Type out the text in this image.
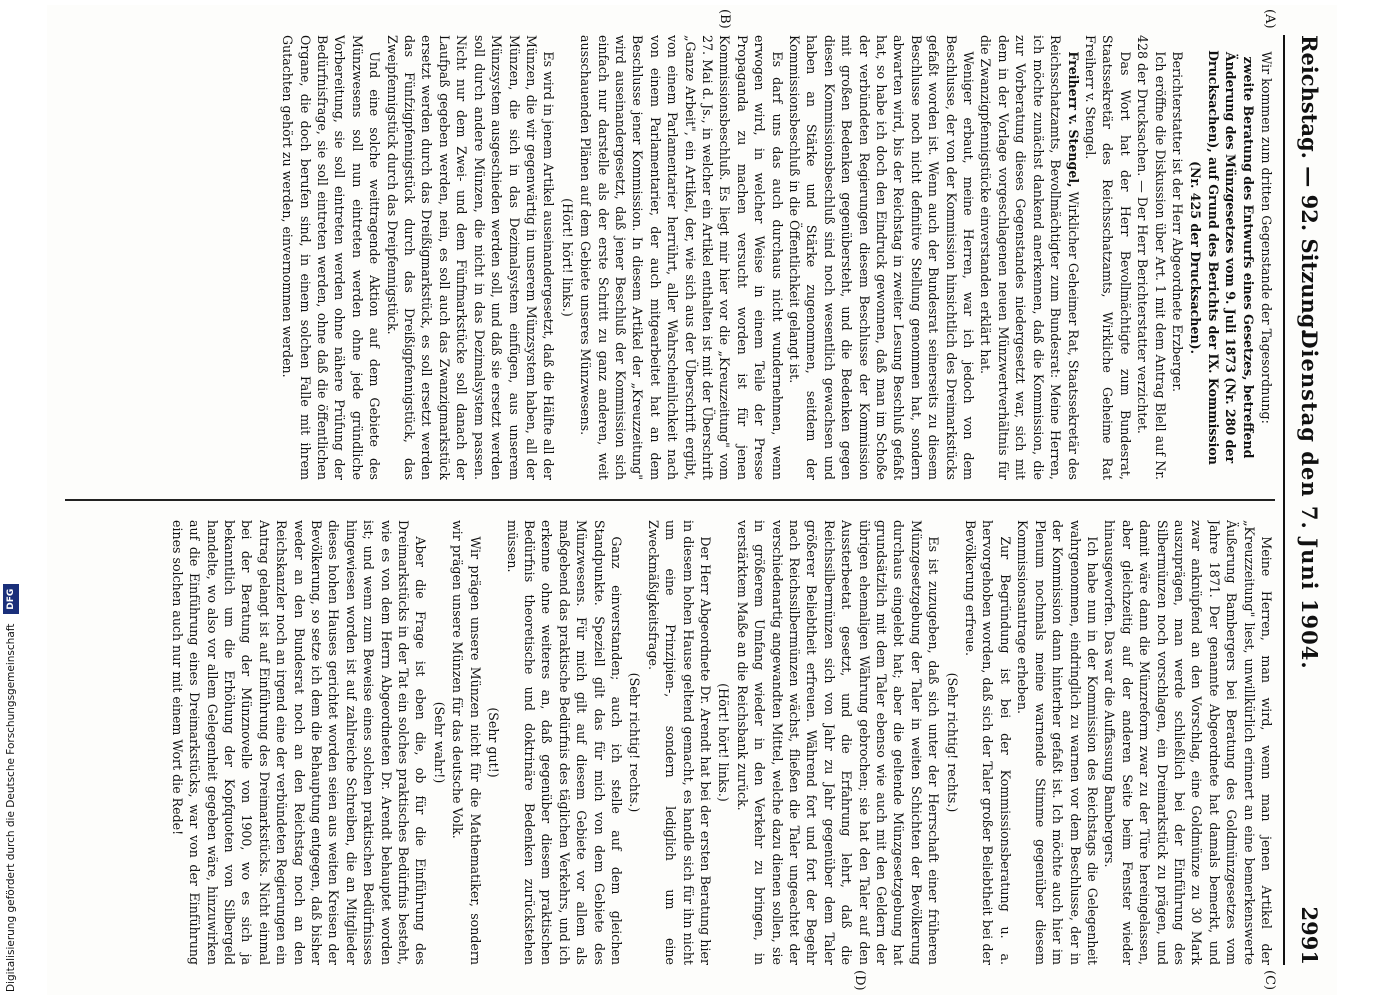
Reichstag. — 92. Sitzung.
Dienstag den 7. Juni 1904.
2991
(A)
(B)
(C)
(D)

Wir kommen zum dritten Gegenstande der Tagesordnung:

zweite Beratung des Entwurfs eines Gesetzes, betreffend Änderung des Münzgesetzes vom 9. Juli 1873 (Nr. 280 der Drucksachen), auf Grund des Berichts der IX. Kommission (Nr. 425 der Drucksachen).

Berichterstatter ist der Herr Abgeordnete Erzberger.

Ich eröffne die Diskussion über Art. 1 mit dem Antrag Blell auf Nr. 428 der Drucksachen. — Der Herr Berichterstatter verzichtet.

Das Wort hat der Herr Bevollmächtigte zum Bundesrat, Staatssekretär des Reichsschatzamts, Wirkliche Geheime Rat Freiherr v. Stengel.

Freiherr v. Stengel, Wirklicher Geheimer Rat, Staatssekretär des Reichsschatzamts, Bevollmächtigter zum Bundesrat: Meine Herren, ich möchte zunächst dankend anerkennen, daß die Kommission, die zur Vorberatung dieses Gegenstandes niedergesetzt war, sich mit dem in der Vorlage vorgeschlagenen neuen Münzwertverhältnis für die Zwanzigpfennigstücke einverstanden erklärt hat.

Weniger erbaut, meine Herren, war ich jedoch von dem Beschlusse, der von der Kommission hinsichtlich des Dreimarkstücks gefaßt worden ist. Wenn auch der Bundesrat seinerseits zu diesem Beschlusse noch nicht definitive Stellung genommen hat, sondern abwarten wird, bis der Reichstag in zweiter Lesung Beschluß gefaßt hat, so habe ich doch den Eindruck gewonnen, daß man im Schoße der verbündeten Regierungen diesem Beschlusse der Kommission mit großen Bedenken gegenübersteht, und die Bedenken gegen diesen Kommissionsbeschluß sind noch wesentlich gewachsen und haben an Stärke und Stärke zugenommen, seitdem der Kommissionsbeschluß in die Öffentlichkeit gelangt ist.

Es darf uns das auch durchaus nicht wundernehmen, wenn erwogen wird, in welcher Weise in einem Teile der Presse Propaganda zu machen versucht worden ist für jenen Kommissionsbeschluß. Es liegt mir hier vor die „Kreuzzeitung" vom 27. Mai d. Js., in welcher ein Artikel enthalten ist mit der Überschrift „Ganze Arbeit", ein Artikel, der, wie sich aus der Überschrift ergibt, von einem Parlamentarier herrührt, aller Wahrscheinlichkeit nach von einem Parlamentarier, der auch mitgearbeitet hat an dem Beschlusse jener Kommission. In diesem Artikel der „Kreuzzeitung" wird auseinandergesetzt, daß jener Beschluß der Kommission sich einfach nur darstelle als der erste Schritt zu ganz anderen, weit ausschauenden Plänen auf dem Gebiete unseres Münzwesens.

(Hört! hört! links.)

Es wird in jenem Artikel auseinandergesetzt, daß die Hälfte all der Münzen, die wir gegenwärtig in unserem Münzsystem haben, all der Münzen, die sich in das Dezimalsystem einfügen, aus unserem Münzsystem ausgeschieden werden soll, und daß sie ersetzt werden soll durch andere Münzen, die nicht in das Dezimalsystem passen. Nicht nur dem Zwei- und dem Fünfmarkstücke soll danach der Laufpaß gegeben werden, nein, es soll auch das Zwanzigmarkstück ersetzt werden durch das Dreißigmarkstück, es soll ersetzt werden das Fünfzigpfennigstück durch das Dreißigpfennigstück, das Zweipfennigstück durch das Dreipfennigstück.

Und eine solche weittragende Aktion auf dem Gebiete des Münzwesens soll nun eintreten werden ohne jede gründliche Vorbereitung, sie soll eintreten werden ohne nähere Prüfung der Bedürfnisfrage, sie soll eintreten werden, ohne daß die öffentlichen Organe, die doch berufen sind, in einem solchen Falle mit ihrem Gutachten gehört zu werden, einvernommen werden.

Meine Herren, man wird, wenn man jenen Artikel der „Kreuzzeitung" liest, unwillkürlich erinnert an eine bemerkenswerte Äußerung Bambergers bei Beratung des Goldmünzgesetzes vom Jahre 1871. Der genannte Abgeordnete hat damals bemerkt, und zwar anknüpfend an den Vorschlag, eine Goldmünze zu 30 Mark auszuprägen, man werde schließlich bei der Einführung des Silbermünzen noch vorschlagen, ein Dreimarkstück zu prägen, und damit wäre dann die Münzreform zwar zu der Türe hereingelassen, aber gleichzeitig auf der anderen Seite beim Fenster wieder hinausgeworfen. Das war die Auffassung Bambergers.

Ich habe nun in der Kommission des Reichstags die Gelegenheit wahrgenommen, eindringlich zu warnen vor dem Beschlusse, der in der Kommission dann hinterher gefaßt ist. Ich möchte auch hier im Plenum nochmals meine warnende Stimme gegenüber diesem Kommissionsantrage erheben.

Zur Begründung ist bei der Kommissionsberatung u. a. hervorgehoben worden, daß sich der Taler großer Beliebtheit bei der Bevölkerung erfreue.

(Sehr richtig! rechts.)

Es ist zuzugeben, daß sich unter der Herrschaft einer früheren Münzgesetzgebung der Taler in weiten Schichten der Bevölkerung durchaus eingelebt hat; aber die geltende Münzgesetzgebung hat grundsätzlich mit dem Taler ebenso wie auch mit den Geldern der übrigen ehemaligen Währung gebrochen; sie hat den Taler auf den Aussterbeetat gesetzt, und die Erfahrung lehrt, daß die Reichssilbermünzen sich von Jahr zu Jahr gegenüber dem Taler größerer Beliebtheit erfreuen. Während fort und fort der Begehr nach Reichssilbermünzen wächst, fließen die Taler ungeachtet der verschiedenartig angewandten Mittel, welche dazu dienen sollen, sie in größerem Umfang wieder in den Verkehr zu bringen, in verstärktem Maße an die Reichsbank zurück.

(Hört! hört! links.)

Der Herr Abgeordnete Dr. Arendt hat bei der ersten Beratung hier in diesem hohen Hause geltend gemacht, es handle sich für ihn nicht um eine Prinzipien-, sondern lediglich um eine Zweckmäßigkeitsfrage.

(Sehr richtig! rechts.)

Ganz einverstanden; auch ich stelle auf dem gleichen Standpunkte. Speziell gilt das für mich von dem Gebiete des Münzwesens. Für mich gilt auf diesem Gebiete vor allem als maßgebend das praktische Bedürfnis des täglichen Verkehrs, und ich erkenne ohne weiteres an, daß gegenüber diesem praktischen Bedürfnis theoretische und doktrinäre Bedenken zurückstehen müssen.

(Sehr gut!)

Wir prägen unsere Münzen nicht für die Mathematiker, sondern wir prägen unsere Münzen für das deutsche Volk.

(Sehr wahr!)

Aber die Frage ist eben die, ob für die Einführung des Dreimarkstücks in der Tat ein solches praktisches Bedürfnis besteht, wie es von dem Herrn Abgeordneten Dr. Arendt behauptet worden ist; und wenn zum Beweise eines solchen praktischen Bedürfnisses hingewiesen worden ist auf zahlreiche Schreiben, die an Mitglieder dieses hohen Hauses gerichtet worden seien aus weiten Kreisen der Bevölkerung, so setze ich dem die Behauptung entgegen, daß bisher weder an den Bundesrat noch an den Reichstag noch an den Reichskanzler noch an irgend eine der verbündeten Regierungen ein Antrag gelangt ist auf Einführung des Dreimarkstücks. Nicht einmal bei der Beratung der Münznovelle von 1900, wo es sich ja bekanntlich um die Erhöhung der Kopfquoten von Silbergeld handelte, wo also vor allem Gelegenheit gegeben wäre, hinzuwirken auf die Einführung eines Dreimarkstücks, war von der Einführung eines solchen auch nur mit einem Wort die Rede!

Digitalisierung gefördert durch die Deutsche Forschungsgemeinschaft DFG
